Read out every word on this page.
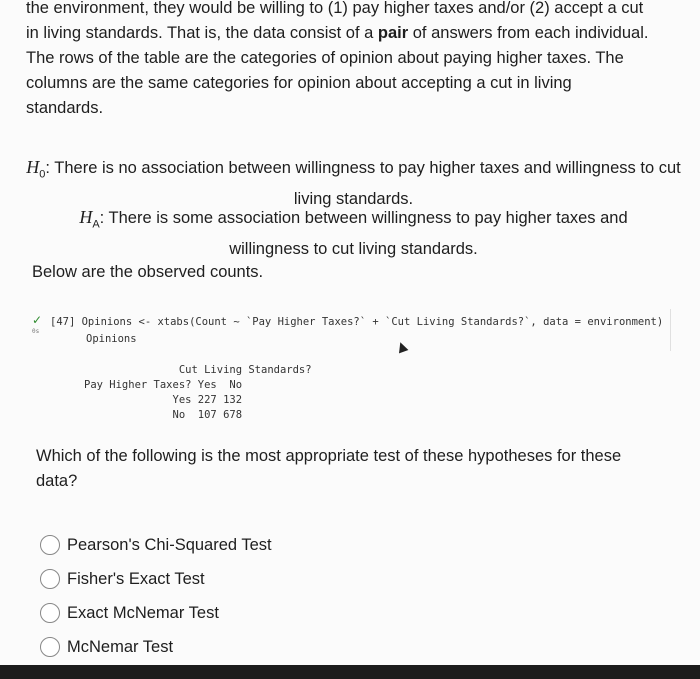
the environment, they would be willing to (1) pay higher taxes and/or (2) accept a cut
in living standards. That is, the data consist of a pair of answers from each individual.
The rows of the table are the categories of opinion about paying higher taxes. The
columns are the same categories for opinion about accepting a cut in living
standards.

$H_0$: There is no association between willingness to pay higher taxes and willingness to cut living standards.

$H_A$: There is some association between willingness to pay higher taxes and willingness to cut living standards.

Below are the observed counts.

✓
0s
[47] Opinions <- xtabs(Count ~ `Pay Higher Taxes?` + `Cut Living Standards?`, data = environment)
Opinions
Cut Living Standards?
Pay Higher Taxes? Yes  No
Yes 227 132
No  107 678

Which of the following is the most appropriate test of these hypotheses for these data?

Pearson's Chi-Squared Test
Fisher's Exact Test
Exact McNemar Test
McNemar Test
